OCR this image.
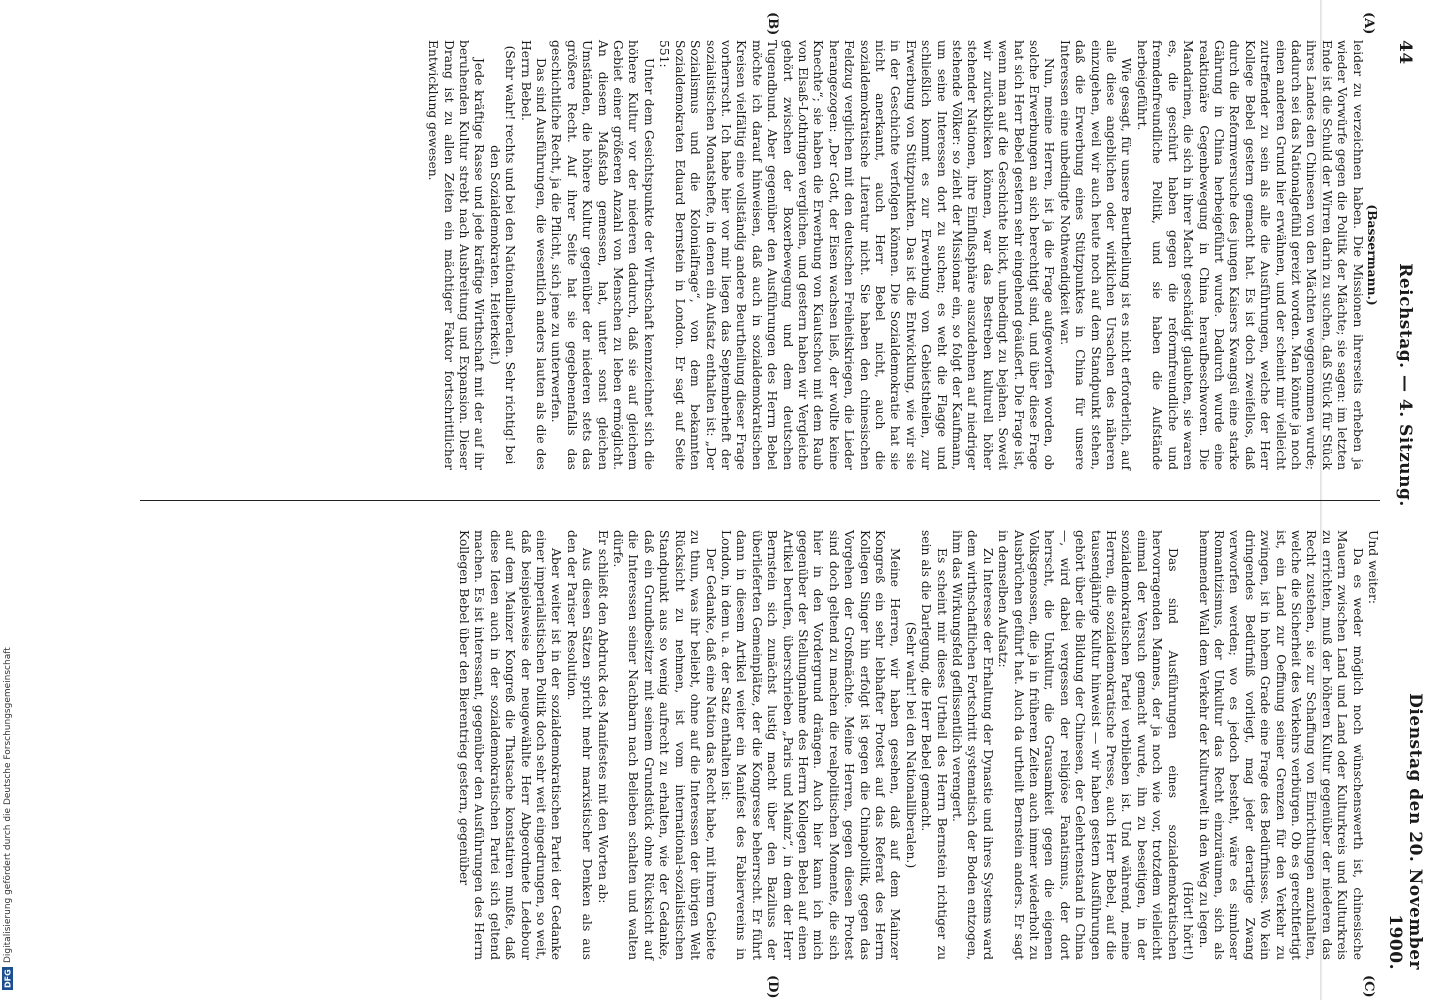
DFG
Digitalisierung gefördert durch die Deutsche Forschungsgemeinschaft
44
Reichstag. — 4. Sitzung.
Dienstag den 20. November 1900.
(A)
(B)
(C)
(D)

(Bassermann.)

leider zu verzeichnen haben. Die Missionen ihrerseits erheben ja wieder Vorwürfe gegen die Politik der Mächte; sie sagen: im letzten Ende ist die Schuld der Wirren darin zu suchen, daß Stück für Stück ihres Landes den Chinesen von den Mächten weggenommen wurde; dadurch sei das Nationalgefühl gereizt worden. Man könnte ja noch einen anderen Grund hier erwähnen, und der scheint mir vielleicht zutreffender zu sein als alle die Ausführungen, welche der Herr Kollege Bebel gestern gemacht hat. Es ist doch zweifellos, daß durch die Reformversuche des jungen Kaisers Kwangsü eine starke Gährung in China herbeigeführt wurde. Dadurch wurde eine reaktionäre Gegenbewegung in China heraufbeschworen. Die Mandarinen, die sich in ihrer Macht geschädigt glaubten, sie waren es, die geschürt haben gegen die reformfreundliche und fremdenfreundliche Politik, und sie haben die Aufstände herbeigeführt.

Wie gesagt, für unsere Beurtheilung ist es nicht erforderlich, auf alle diese angeblichen oder wirklichen Ursachen des näheren einzugehen, weil wir auch heute noch auf dem Standpunkt stehen, daß die Erwerbung eines Stützpunktes in China für unsere Interessen eine unbedingte Nothwendigkeit war.

Nun, meine Herren, ist ja die Frage aufgeworfen worden, ob solche Erwerbungen an sich berechtigt sind, und über diese Frage hat sich Herr Bebel gestern sehr eingehend geäußert. Die Frage ist, wenn man auf die Geschichte blickt, unbedingt zu bejahen. Soweit wir zurückblicken können, war das Bestreben kulturell höher stehender Nationen, ihre Einflußsphäre auszudehnen auf niedriger stehende Völker: so zieht der Missionar ein, so folgt der Kaufmann, um seine Interessen dort zu suchen; es weht die Flagge und schließlich kommt es zur Erwerbung von Gebietstheilen, zur Erwerbung von Stützpunkten. Das ist die Entwicklung, wie wir sie in der Geschichte verfolgen können. Die Sozialdemokratie hat sie nicht anerkannt, auch Herr Bebel nicht, auch die sozialdemokratische Literatur nicht. Sie haben den chinesischen Feldzug verglichen mit den deutschen Freiheitskriegen, die Lieder herangezogen: „Der Gott, der Eisen wachsen ließ, der wollte keine Knechte“; sie haben die Erwerbung von Kiautschou mit dem Raub von Elsaß-Lothringen verglichen, und gestern haben wir Vergleiche gehört zwischen der Boxerbewegung und dem deutschen Tugendbund. Aber gegenüber den Ausführungen des Herrn Bebel möchte ich darauf hinweisen, daß auch in sozialdemokratischen Kreisen vielfältig eine vollständig andere Beurtheilung dieser Frage vorherrscht. Ich habe hier vor mir liegen das Septemberheft der sozialistischen Monatshefte, in denen ein Aufsatz enthalten ist: „Der Sozialismus und die Kolonialfrage“, von dem bekannten Sozialdemokraten Eduard Bernstein in London. Er sagt auf Seite 551:

Unter dem Gesichtspunkte der Wirthschaft kennzeichnet sich die höhere Kultur vor der niederen dadurch, daß sie auf gleichem Gebiet einer größeren Anzahl von Menschen zu leben ermöglicht. An diesem Maßstab gemessen, hat, unter sonst gleichen Umständen, die höhere Kultur gegenüber der niederen stets das größere Recht. Auf ihrer Seite hat sie gegebenenfalls das geschichtliche Recht, ja die Pflicht, sich jene zu unterwerfen.

Das sind Ausführungen, die wesentlich anders lauten als die des Herrn Bebel.

(Sehr wahr! rechts und bei den Nationalliberalen. Sehr richtig! bei den Sozialdemokraten. Heiterkeit.)

Jede kräftige Rasse und jede kräftige Wirthschaft mit der auf ihr beruhenden Kultur strebt nach Ausbreitung und Expansion. Dieser Drang ist zu allen Zeiten ein mächtiger Faktor fortschrittlicher Entwicklung gewesen.

Und weiter:

Da es weder möglich noch wünschenswerth ist, chinesische Mauern zwischen Land und Land oder Kulturkreis und Kulturkreis zu errichten, muß der höheren Kultur gegenüber der niederen das Recht zustehen, sie zur Schaffung von Einrichtungen anzuhalten, welche die Sicherheit des Verkehrs verbürgen. Ob es gerechtfertigt ist, ein Land zur Oeffnung seiner Grenzen für den Verkehr zu zwingen, ist in hohem Grade eine Frage des Bedürfnisses. Wo kein dringendes Bedürfniß vorliegt, mag jeder derartige Zwang verworfen werden; wo es jedoch besteht, wäre es sinnloser Romantizismus, der Unkultur das Recht einzuräumen, sich als hemmender Wall dem Verkehr der Kulturwelt in den Weg zu legen.

(Hört! hört!)

Das sind Ausführungen eines sozialdemokratischen hervorragenden Mannes, der ja noch wie vor, trotzdem vielleicht einmal der Versuch gemacht wurde, ihn zu beseitigen, in der sozialdemokratischen Partei verblieben ist. Und während, meine Herren, die sozialdemokratische Presse, auch Herr Bebel, auf die tausendjährige Kultur hinweist — wir haben gestern Ausführungen gehört über die Bildung der Chinesen, der Gelehrtenstand in China —, wird dabei vergessen der religiöse Fanatismus, der dort herrscht, die Unkultur, die Grausamkeit gegen die eigenen Volksgenossen, die ja in früheren Zeiten auch immer wiederholt zu Ausbrüchen geführt hat. Auch da urtheilt Bernstein anders. Er sagt in demselben Aufsatz:

Zu Interesse der Erhaltung der Dynastie und ihres Systems ward dem wirthschaftlichen Fortschritt systematisch der Boden entzogen, ihm das Wirkungsfeld geflissentlich verengert.

Es scheint mir dieses Urtheil des Herrn Bernstein richtiger zu sein als die Darlegung, die Herr Bebel gemacht.

(Sehr wahr! bei den Nationalliberalen.)

Meine Herren, wir haben gesehen, daß auf dem Mainzer Kongreß ein sehr lebhafter Protest auf das Referat des Herrn Kollegen Singer hin erfolgt ist gegen die Chinapolitik, gegen das Vorgehen der Großmächte. Meine Herren, gegen diesen Protest sind doch geltend zu machen die realpolitischen Momente, die sich hier in den Vordergrund drängen. Auch hier kann ich mich gegenüber der Stellungnahme des Herrn Kollegen Bebel auf einen Artikel berufen, überschrieben „Paris und Mainz“, in dem der Herr Bernstein sich zunächst lustig macht über den Baziluss der überlieferten Gemeinplätze, der die Kongresse beherrscht. Er führt dann in diesem Artikel weiter ein Manifest des Fabiervereins in London, in dem u. a. der Satz enthalten ist:

Der Gedanke, daß eine Nation das Recht habe, mit ihrem Gebiete zu thun, was ihr beliebt, ohne auf die Interessen der übrigen Welt Rücksicht zu nehmen, ist vom international-sozialistischen Standpunkt aus so wenig aufrecht zu erhalten, wie der Gedanke, daß ein Grundbesitzer mit seinem Grundstück ohne Rücksicht auf die Interessen seiner Nachbarn nach Belieben schalten und walten dürfe.

Er schließt den Abdruck des Manifestes mit den Worten ab:

Aus diesen Sätzen spricht mehr marxistischer Denken als aus den der Pariser Resolution.

Aber weiter ist in der sozialdemokratischen Partei der Gedanke einer imperialistischen Politik doch sehr weit eingedrungen, so weit, daß beispielsweise der neugewählte Herr Abgeordnete Ledebour auf dem Mainzer Kongreß die Thatsache konstatiren mußte, daß diese Ideen auch in der sozialdemokratischen Partei sich geltend machen. Es ist interessant, gegenüber den Ausführungen des Herrn Kollegen Bebel über den Bierentrieg gestern, gegenüber
